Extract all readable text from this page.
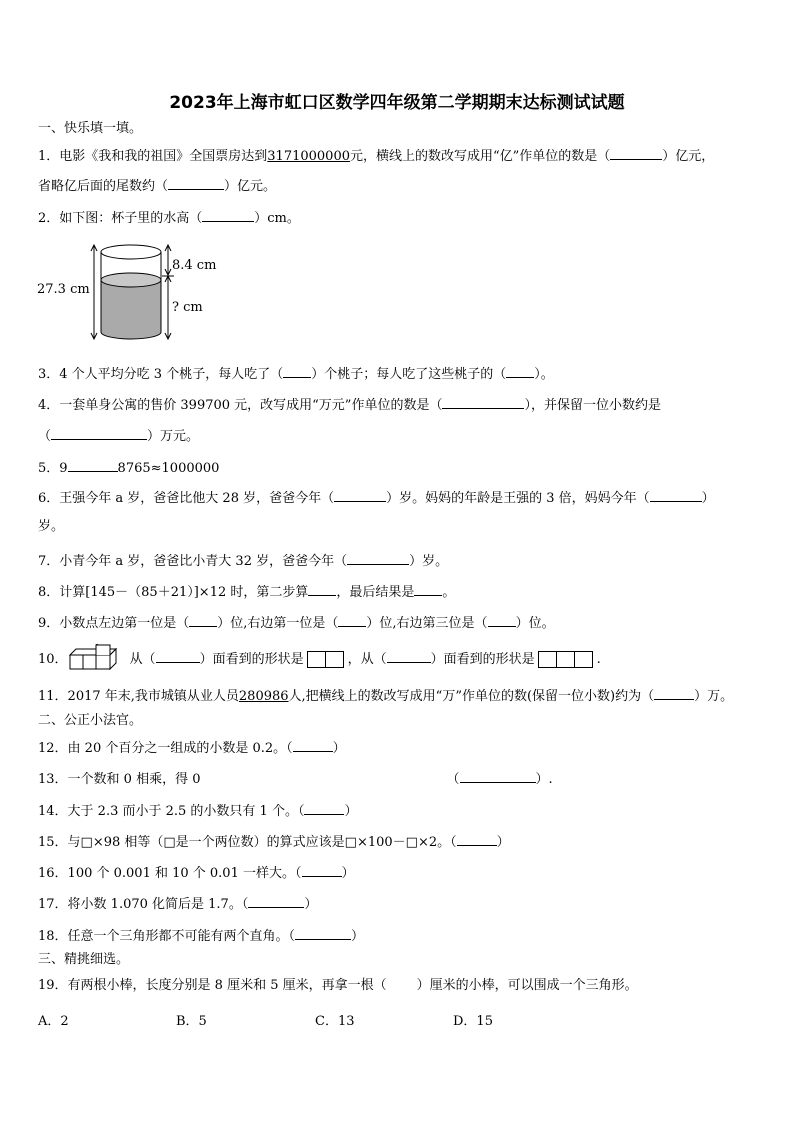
2023年上海市虹口区数学四年级第二学期期末达标测试试题
一、快乐填一填。
1．电影《我和我的祖国》全国票房达到3171000000元，横线上的数改写成用“亿”作单位的数是（	）亿元，
省略亿后面的尾数约（	）亿元。
2．如下图：杯子里的水高（	）cm。
27.3 cm
8.4 cm
? cm
3．4 个人平均分吃 3 个桃子，每人吃了（ ）个桃子；每人吃了这些桃子的（ ）。
4．一套单身公寓的售价 399700 元，改写成用“万元”作单位的数是（	），并保留一位小数约是
（	）万元。
5．9	8765≈1000000
6．王强今年 a 岁，爸爸比他大 28 岁，爸爸今年（	）岁。妈妈的年龄是王强的 3 倍，妈妈今年（	）
岁。
7．小青今年 a 岁，爸爸比小青大 32 岁，爸爸今年（	）岁。
8．计算[145－（85＋21）]×12 时，第二步算 ，最后结果是 。
9．小数点左边第一位是（ ）位,右边第一位是（ ）位,右边第三位是（ ）位。
10．	从（	）面看到的形状是	，从（	）面看到的形状是	.
11．2017 年末,我市城镇从业人员280986人,把横线上的数改写成用“万”作单位的数(保留一位小数)约为（	）万。
二、公正小法官。
12．由 20 个百分之一组成的小数是 0.2。（	）
13．一个数和 0 相乘，得 0	（	）.
14．大于 2.3 而小于 2.5 的小数只有 1 个。（	）
15．与□×98 相等（□是一个两位数）的算式应该是□×100－□×2。（	）
16．100 个 0.001 和 10 个 0.01 一样大。（	）
17．将小数 1.070 化简后是 1.7。（	）
18．任意一个三角形都不可能有两个直角。（	）
三、精挑细选。
19．有两根小棒，长度分别是 8 厘米和 5 厘米，再拿一根（ ）厘米的小棒，可以围成一个三角形。
A．2	B．5	C．13	D．15
